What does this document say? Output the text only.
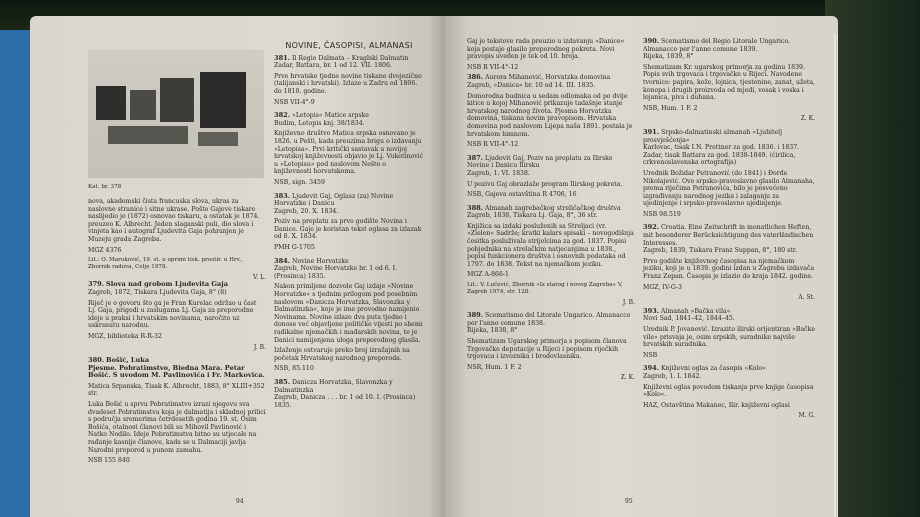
Kat. br. 378

nova, akademski čista francuska slova, ukras za naslovne stranice i sitne ukrase. Pošto Gajeve tiskare naslijedio je (1872) osnovao tiskaru, a ostatak je 1874. preuzeo K. Albrecht. Jeden slaganski puli, dio slova i vinjeta kao i autograf Ljudevita Gaja pohranjen je Muzeju grada Zagreba.

MGZ 4376

Lit.: O. Maruković, 19. st. u oprimi tisk. prostir. u Hrv., Zbornik radova, Celje 1978.

V. L.
379. Slova nad grobom Ljudevita Gaja

Zagreb, 1872, Tiskara Ljudevita Gaja, 8° (8)

Riječ je o govoru što ga je Fran Kurelac održao u čast Lj. Gaja, prigodi u zaslugama Lj. Gaja za preporodne ideje u praksi i hrvatskim novinama, naročito uz uskrsnutu narodnu.

MGZ, biblioteka R-R-32

J. B.
380. Bošić, Luka

Pjesme. Pobratimstvo, Biedna Mara. Petar Bošić. S uvodom M. Pavlinovića i Fr. Markovica.

Matica Srpanska, Tisak K. Albrecht, 1883, 8° XLIII+352 str.

Luka Bošić u sprvu Pobratimstvo izrazi njegovu sva dvadeset Pobratimstva koja je dalmatija i skladnoj prilici s područja sremerima četrdesetih godina 19. st. Osim Bošića, otalnost članovi bili su Mihovil Pavlinović i Natko Nodilo. Ideje Pobratimstva bitno su utjecale na rađanje kasnije članove, kada se u Dalmaciji javlja Narodni preporod u punom zamahu.

NSB 155 840

NOVINE, ČASOPISI, ALMANASI
381. Il Regio Dalmata – Kraglski Dalmatin

Zadar, Battara, br. 1 od 12. VII. 1806.

Prve hrvatske tjedne novine tiskane dvojezično (talijanski i hrvatski). Izlaze u Zadru od 1806. do 1810. godine.

NSB VII-4°-9

382. »Letopis« Matice srpske

Budim, Letopis knj. 38/1834.

Književno društvo Matica srpska osnovano je 1826. u Pešti, kada preuzima brigu o izdavanju »Letopisa«. Prvi kritički sastavak u novijoj hrvatskoj književnosti objavio je Lj. Vukotinović u »Letopisu« pod naslovom Nešto o književnosti horvatskoma.

NSB, sign. 3459

383. Ljudevit Gaj, Oglasz (za) Novine Horvatzke i Danicu

Zagreb, 20. X. 1834.

Poziv na preplatu za prvo godište Novina i Danice. Gaje je koristan tekst oglasa za izlazak od 8. X. 1834.

PMH G-1705

384. Novine Horvatzke

Zagreb, Novine Horvatzke br. 1 od 6. I. (Prosinca) 1835.

Nakon primljene dozvole Gaj izdaje »Novine Horvatzke« s tjednim prilogom pod posebnim naslovom »Danicza Horvatzka, Slavonzka y Dalmatinzka«, koje je ime provodno namijenio Novinama. Novine izlaze dva puta tjedno i donose već objavljene političke vijesti po shemi radikalne njemačkih i mađarskih novina, te je Danici namijenjena uloga preporodnog glasila.

Izlaženje ostvaruje preko broj izražajnih na početak Hrvatskog narodnog preporoda.

NSB, 85.110

385. Danicza Horvatzka, Slavonzka y Dalmatinzka

Zagreb, Danicza . . . br. 1 od 10. I. (Prosinca) 1835.

94

Gaj je tekstove rada preuzio u izdavanju »Danice« koja postaje glasilo preporodnog pokreta. Novi pravopis uveden je tek od 10. broja.

NSB R VII-4°-12

386. Aurora Mihanović, Horvatzka domovina

Zagreb, »Danica« br. 10 od 14. III. 1835.

Domorodna budnica u sedam odlomaka od po dvije kitice u kojoj Mihanović prikazuje tadašnje stanje hrvatskog narodnog života. Pjesma Horvatzka domovina, tiskana novim pravopisom. Hrvatska domovina pod naslovom Lijepa naša 1891. postala je hrvatskom himnom.

NSB R VII-4°-12

387. Ljudevit Gaj, Poziv na preplatu za Ilirske Novine i Danicu Ilirsku

Zagreb, 1. VI. 1838.

U pozivu Gaj obrazlaže program Ilirskog pokreta.

NSB, Gajeva ostavština R 4706, 16

388. Almanah zagrebačkog streličačkog društva

Zagreb, 1838, Tiskara Lj. Gaja, 8°, 36 str.

Knjižica sa izdaki posluženih sa Streljaci (vr. »Zielen« Sadrže; kratki kalars spisaki – novogodišnja česitka posluživala strijelcima za god. 1837. Popisi pobjednika na strelačkim natjecanjima u 1838., popisi funkcionera društva i osnovnih podataka od 1797. do 1838. Tekst na njemačkom jeziku.

MGZ A-866-1

Lit.: V. Lučević, Zbornik »Iz starog i novog Zagreba« V, Zagreb 1974, str. 128.

J. B.
389. Scematismo del Litorale Ungarico. Almanacco per l'anno comune 1838.

Rijeka, 1838, 8°

Shematizam Ugarskog primorja s popisom članova Trgovačke deputacije u Rijeci i popisom riječkih trgovaca i izvoznika i brodovlasnika.

NSR, Hum. 1 F. 2

Z. K.
390. Scematismo del Regio Litorale Ungarico. Almanacco per l'anno comune 1839.

Rijeka, 1839, 8°

Shematizam Kr. ugarskog primorja za godinu 1839. Popis svih trgovaca i trgovačke u Rijeci. Navodene tvornice: papira, kože, lojnica, tjestenine, zanat, užeta, konopa i drugih proizvoda od mjedi, vosak i voska i lojanica, piva i duhana.

NSB, Hum. 1 F. 2

Z. K.
391. Srpsko-dalmatinski almanah »Ljubitelj prosvješćenja«

Karlovac, tisak I.N. Prettner za god. 1836. i 1837. Zadar, tisak Battara za god. 1838-1849. (ćirilica, crkvenoslavenska ortografija)

Urednik Božidar Petranović (do 1841) i Đorđe Nikolajević. Ovo srpsko-pravoslavno glasilo Almanaha, prema riječima Petranovića, bilo je posvećeno izgrađivanju narodnog jezika i zalaganju za ujedinjenje i srpsko-pravoslavno ujedinjenje.

NSB 98.519

392. Croatia. Eine Zeitschrift in monatlichen Heften, mit besonderer Berücksichtigung des vaterländischen Interesses.

Zagreb, 1839, Tiskara Franz Suppan, 8°, 180 str.

Prvo godište književnog časopisa na njemačkom jeziku, koji je u 1839. godini izdan u Zagrebu izdavača Franz Zepan. Časopis je izlazio do kraja 1842. godine.

MGZ, IV-G-3

A. St.
393. Almanah »Bačka vila«

Novi Sad, 1841–42, 1844–45.

Urednik P. Jovanović. Izrazito ilirski orijentiran »Bačke vile« prisvaja je, osim srpskih, suradnike najviše hrvatskih suradnika.

NSB

394. Književni oglas za časopis »Kolo«

Zagreb, 1. I. 1842.

Književni oglas povodom tiskanja prve knjige časopisa »Kolo«.

HAZ, Ostavština Makanec, Ilir. književni oglasi

M. G.
95
